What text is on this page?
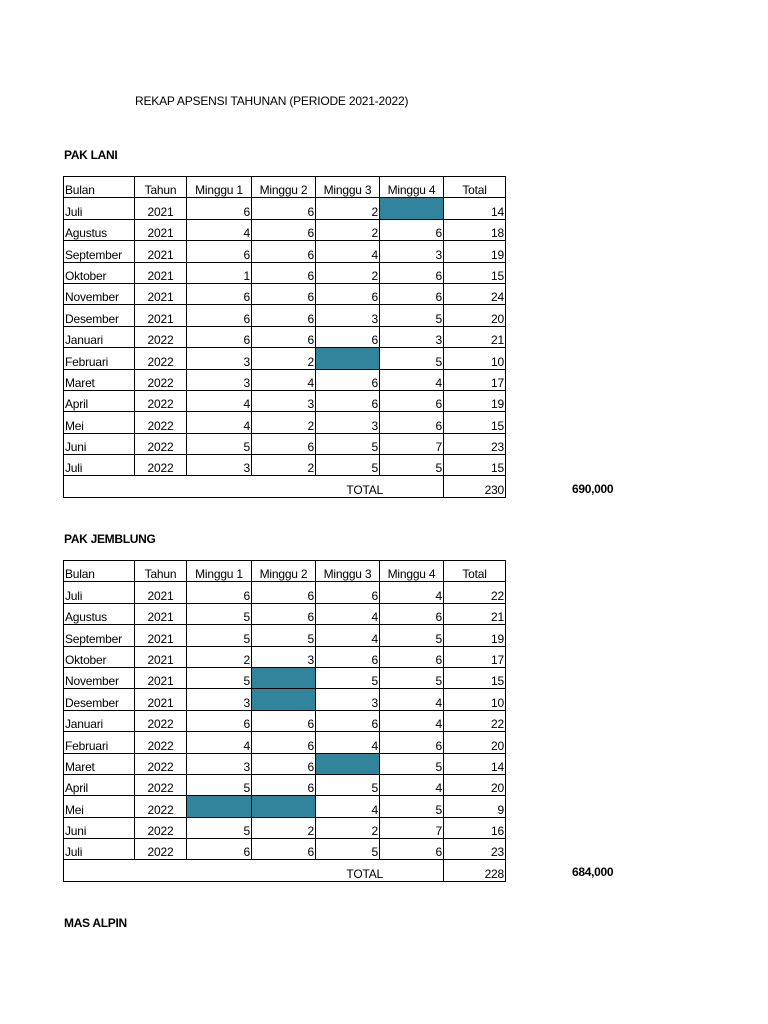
REKAP APSENSI TAHUNAN (PERIODE 2021-2022)
PAK LANI
Bulan	Tahun	Minggu 1	Minggu 2	Minggu 3	Minggu 4	Total
Juli	2021	6	6	2		14
Agustus	2021	4	6	2	6	18
September	2021	6	6	4	3	19
Oktober	2021	1	6	2	6	15
November	2021	6	6	6	6	24
Desember	2021	6	6	3	5	20
Januari	2022	6	6	6	3	21
Februari	2022	3	2		5	10
Maret	2022	3	4	6	4	17
April	2022	4	3	6	6	19
Mei	2022	4	2	3	6	15
Juni	2022	5	6	5	7	23
Juli	2022	3	2	5	5	15
TOTAL						230	690,000
PAK JEMBLUNG
Bulan	Tahun	Minggu 1	Minggu 2	Minggu 3	Minggu 4	Total
Juli	2021	6	6	6	4	22
Agustus	2021	5	6	4	6	21
September	2021	5	5	4	5	19
Oktober	2021	2	3	6	6	17
November	2021	5		5	5	15
Desember	2021	3		3	4	10
Januari	2022	6	6	6	4	22
Februari	2022	4	6	4	6	20
Maret	2022	3	6		5	14
April	2022	5	6	5	4	20
Mei	2022			4	5	9
Juni	2022	5	2	2	7	16
Juli	2022	6	6	5	6	23
TOTAL						228	684,000
MAS ALPIN
